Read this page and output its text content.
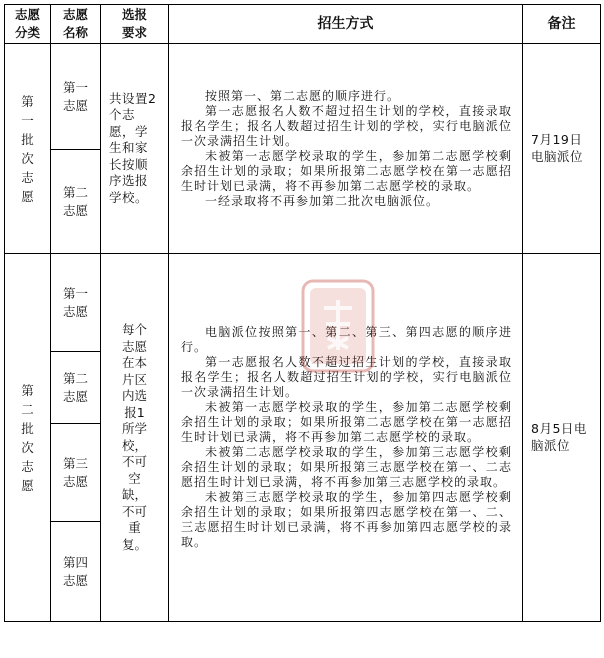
志愿分类	志愿名称	选报要求	招生方式	备注

第一批次志愿	第一志愿	共设置2个志愿，学生和家长按顺序选报学校。	按照第一、第二志愿的顺序进行。

第一志愿报名人数不超过招生计划的学校，直接录取报名学生；报名人数超过招生计划的学校，实行电脑派位一次录满招生计划。

未被第一志愿学校录取的学生，参加第二志愿学校剩余招生计划的录取；如果所报第二志愿学校在第一志愿招生时计划已录满，将不再参加第二志愿学校的录取。

一经录取将不再参加第二批次电脑派位。	7月19日电脑派位

	第二志愿			

第二批次志愿	第一志愿	每个志愿在本片区内选报1所学校，不可空缺，不可重复。	电脑派位按照第一、第二、第三、第四志愿的顺序进行。

第一志愿报名人数不超过招生计划的学校，直接录取报名学生；报名人数超过招生计划的学校，实行电脑派位一次录满招生计划。

未被第一志愿学校录取的学生，参加第二志愿学校剩余招生计划的录取；如果所报第二志愿学校在第一志愿招生时计划已录满，将不再参加第二志愿学校的录取。

未被第二志愿学校录取的学生，参加第三志愿学校剩余招生计划的录取；如果所报第三志愿学校在第一、二志愿招生时计划已录满，将不再参加第三志愿学校的录取。

未被第三志愿学校录取的学生，参加第四志愿学校剩余招生计划的录取；如果所报第四志愿学校在第一、二、三志愿招生时计划已录满，将不再参加第四志愿学校的录取。	8月5日电脑派位

	第二志愿			

	第三志愿			

	第四志愿			
